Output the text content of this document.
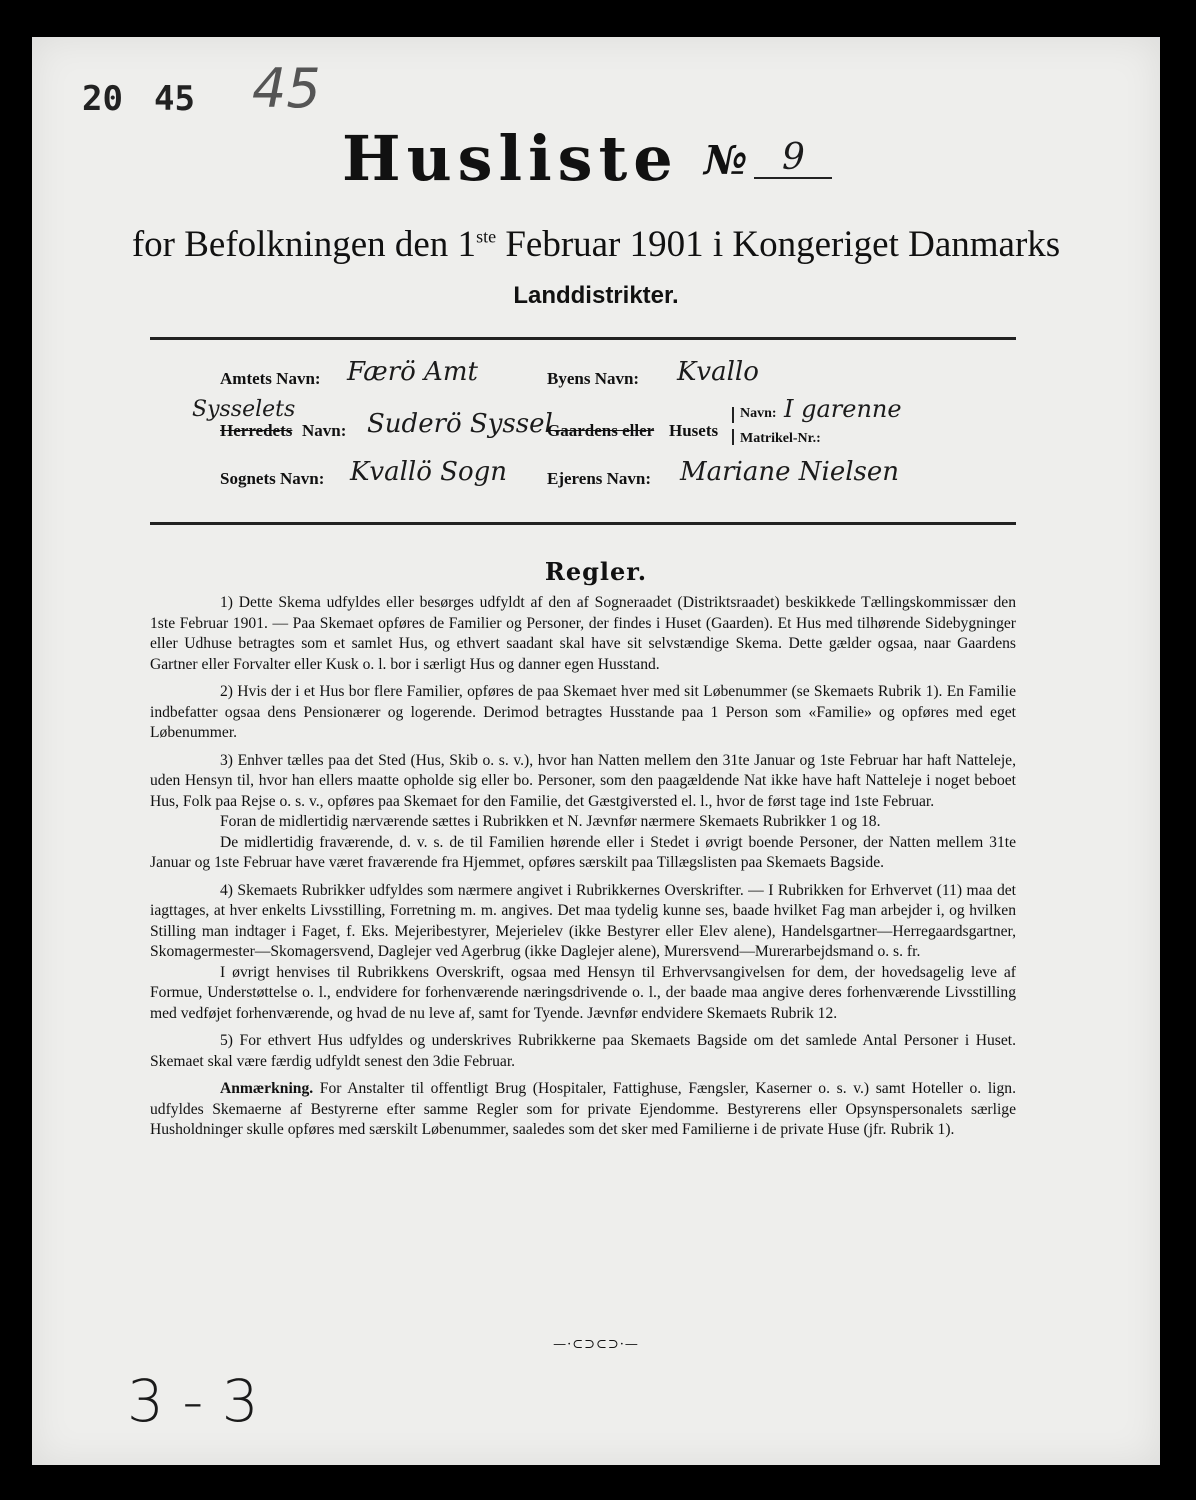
20 45 45
Husliste № 9
for Befolkningen den 1ste Februar 1901 i Kongeriget Danmarks
Landdistrikter.
Amtets Navn: Færö Amt	Byens Navn: Kvallo
Sysselets
Herredets Navn: Suderö Syssel
Gaardens eller Husets
Navn: I garenne
Matrikel-Nr.:
Sognets Navn: Kvallö Sogn Ejerens Navn: Mariane Nielsen
Regler.

1) Dette Skema udfyldes eller besørges udfyldt af den af Sogneraadet (Distriktsraadet) beskikkede Tællingskommissær den 1ste Februar 1901. — Paa Skemaet opføres de Familier og Personer, der findes i Huset (Gaarden). Et Hus med tilhørende Sidebygninger eller Udhuse betragtes som et samlet Hus, og ethvert saadant skal have sit selvstændige Skema. Dette gælder ogsaa, naar Gaardens Gartner eller Forvalter eller Kusk o. l. bor i særligt Hus og danner egen Husstand.

2) Hvis der i et Hus bor flere Familier, opføres de paa Skemaet hver med sit Løbenummer (se Skemaets Rubrik 1). En Familie indbefatter ogsaa dens Pensionærer og logerende. Derimod betragtes Husstande paa 1 Person som «Familie» og opføres med eget Løbenummer.

3) Enhver tælles paa det Sted (Hus, Skib o. s. v.), hvor han Natten mellem den 31te Januar og 1ste Februar har haft Natteleje, uden Hensyn til, hvor han ellers maatte opholde sig eller bo. Personer, som den paagældende Nat ikke have haft Natteleje i noget beboet Hus, Folk paa Rejse o. s. v., opføres paa Skemaet for den Familie, det Gæstgiversted el. l., hvor de først tage ind 1ste Februar.

Foran de midlertidig nærværende sættes i Rubrikken et N. Jævnfør nærmere Skemaets Rubrikker 1 og 18.

De midlertidig fraværende, d. v. s. de til Familien hørende eller i Stedet i øvrigt boende Personer, der Natten mellem 31te Januar og 1ste Februar have været fraværende fra Hjemmet, opføres særskilt paa Tillægslisten paa Skemaets Bagside.

4) Skemaets Rubrikker udfyldes som nærmere angivet i Rubrikkernes Overskrifter. — I Rubrikken for Erhvervet (11) maa det iagttages, at hver enkelts Livsstilling, Forretning m. m. angives. Det maa tydelig kunne ses, baade hvilket Fag man arbejder i, og hvilken Stilling man indtager i Faget, f. Eks. Mejeribestyrer, Mejerielev (ikke Bestyrer eller Elev alene), Handelsgartner—Herregaardsgartner, Skomagermester—Skomagersvend, Daglejer ved Agerbrug (ikke Daglejer alene), Murersvend—Murerarbejdsmand o. s. fr.

I øvrigt henvises til Rubrikkens Overskrift, ogsaa med Hensyn til Erhvervsangivelsen for dem, der hovedsagelig leve af Formue, Understøttelse o. l., endvidere for forhenværende næringsdrivende o. l., der baade maa angive deres forhenværende Livsstilling med vedføjet forhenværende, og hvad de nu leve af, samt for Tyende. Jævnfør endvidere Skemaets Rubrik 12.

5) For ethvert Hus udfyldes og underskrives Rubrikkerne paa Skemaets Bagside om det samlede Antal Personer i Huset. Skemaet skal være færdig udfyldt senest den 3die Februar.

Anmærkning. For Anstalter til offentligt Brug (Hospitaler, Fattighuse, Fængsler, Kaserner o. s. v.) samt Hoteller o. lign. udfyldes Skemaerne af Bestyrerne efter samme Regler som for private Ejendomme. Bestyrerens eller Opsynspersonalets særlige Husholdninger skulle opføres med særskilt Løbenummer, saaledes som det sker med Familierne i de private Huse (jfr. Rubrik 1).

—·⊂⊃⊂⊃·—
3 - 3
